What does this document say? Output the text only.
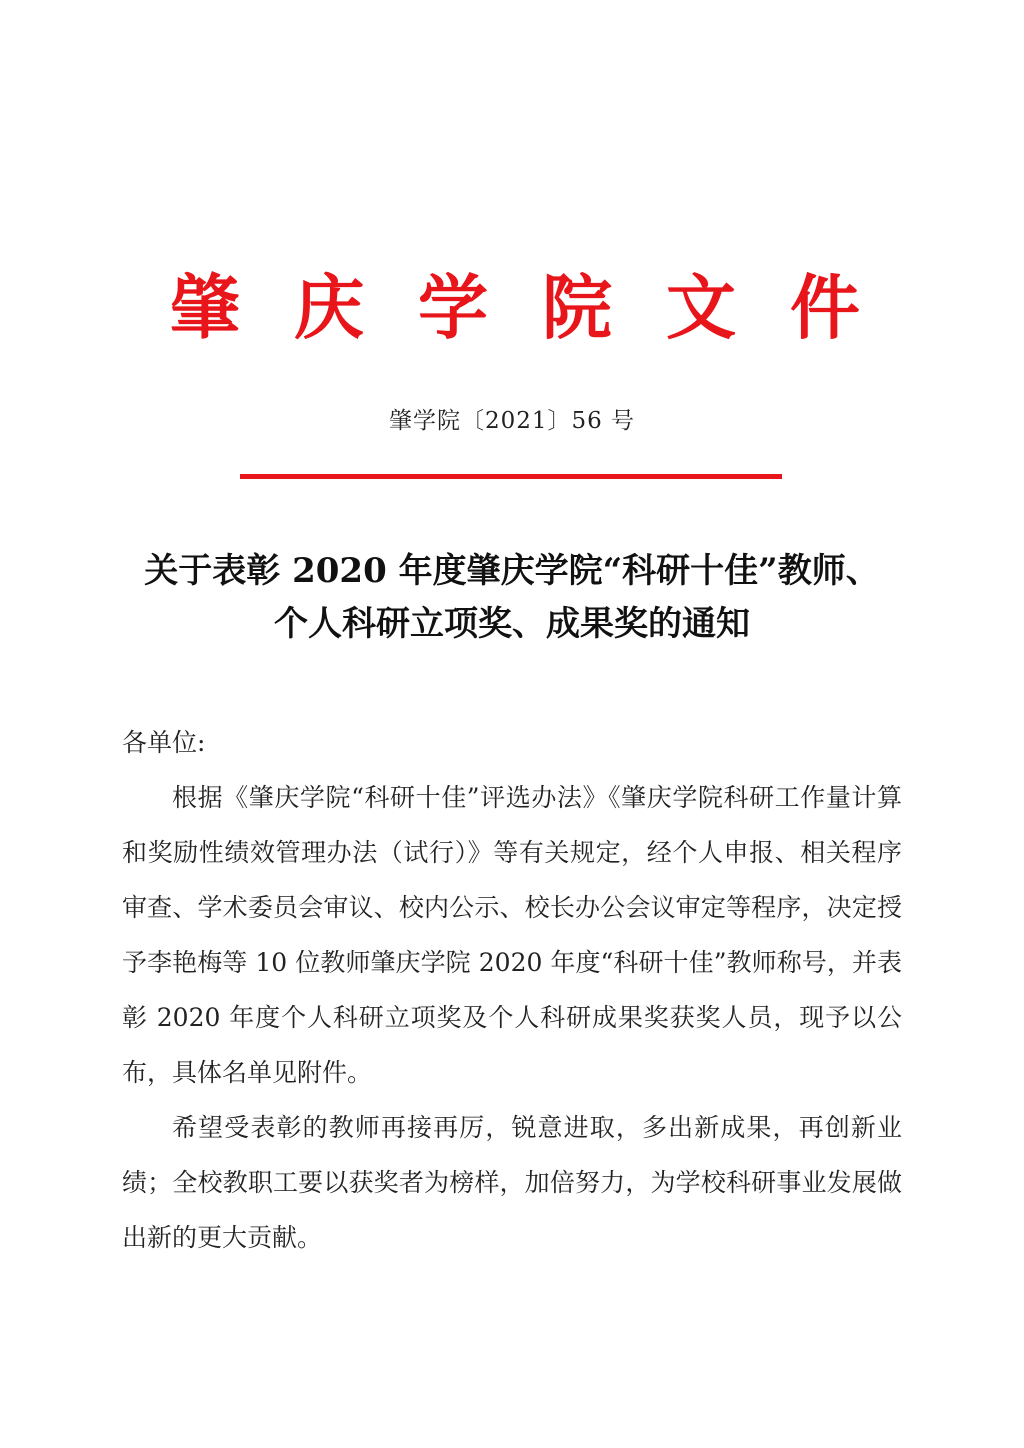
肇 庆 学 院 文 件
肇学院〔2021〕56 号
关于表彰 2020 年度肇庆学院“科研十佳”教师、
个人科研立项奖、成果奖的通知

各单位:

根据《肇庆学院“科研十佳”评选办法》《肇庆学院科研工作量计算和奖励性绩效管理办法（试行）》等有关规定，经个人申报、相关程序审查、学术委员会审议、校内公示、校长办公会议审定等程序，决定授予李艳梅等 10 位教师肇庆学院 2020 年度“科研十佳”教师称号，并表彰 2020 年度个人科研立项奖及个人科研成果奖获奖人员，现予以公布，具体名单见附件。

希望受表彰的教师再接再厉，锐意进取，多出新成果，再创新业绩；全校教职工要以获奖者为榜样，加倍努力，为学校科研事业发展做出新的更大贡献。
